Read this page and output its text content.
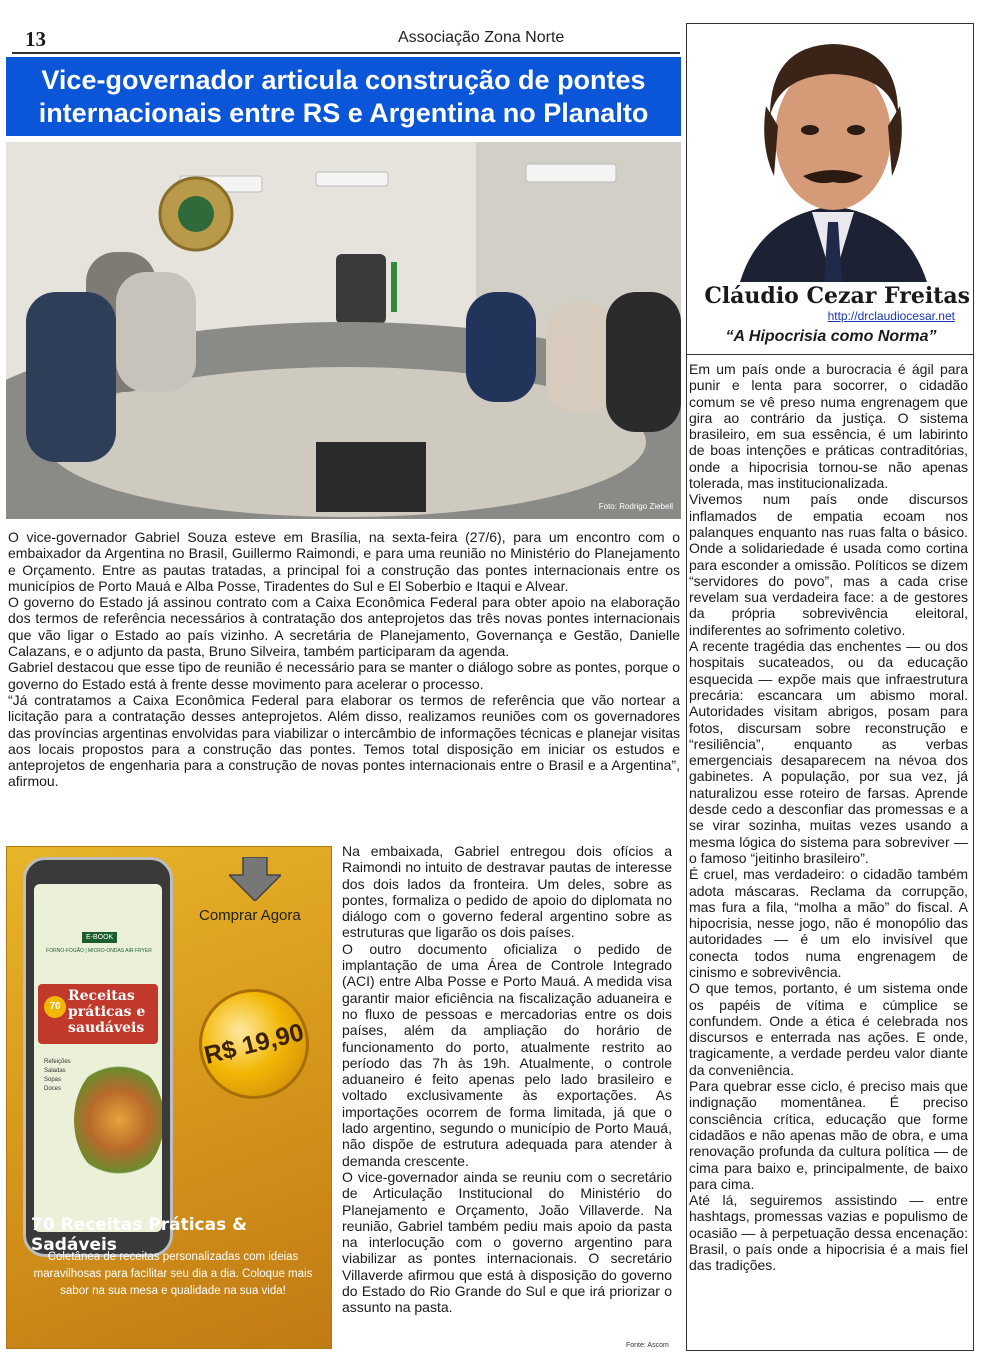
13	Associação Zona Norte
Vice-governador articula construção de pontes internacionais entre RS e Argentina no Planalto
Foto: Rodrigo Ziebell

O vice-governador Gabriel Souza esteve em Brasília, na sexta-feira (27/6), para um encontro com o embaixador da Argentina no Brasil, Guillermo Raimondi, e para uma reunião no Ministério do Planejamento e Orçamento. Entre as pautas tratadas, a principal foi a construção das pontes internacionais entre os municípios de Porto Mauá e Alba Posse, Tiradentes do Sul e El Soberbio e Itaqui e Alvear.

O governo do Estado já assinou contrato com a Caixa Econômica Federal para obter apoio na elaboração dos termos de referência necessários à contratação dos anteprojetos das três novas pontes internacionais que vão ligar o Estado ao país vizinho. A secretária de Planejamento, Governança e Gestão, Danielle Calazans, e o adjunto da pasta, Bruno Silveira, também participaram da agenda.

Gabriel destacou que esse tipo de reunião é necessário para se manter o diálogo sobre as pontes, porque o governo do Estado está à frente desse movimento para acelerar o processo.

“Já contratamos a Caixa Econômica Federal para elaborar os termos de referência que vão nortear a licitação para a contratação desses anteprojetos. Além disso, realizamos reuniões com os governadores das províncias argentinas envolvidas para viabilizar o intercâmbio de informações técnicas e planejar visitas aos locais propostos para a construção das pontes. Temos total disposição em iniciar os estudos e anteprojetos de engenharia para a construção de novas pontes internacionais entre o Brasil e a Argentina”, afirmou.

Comprar Agora
E-BOOK
FORNO-FOGÃO | MICRO-ONDAS AIR FRYER
70
Receitas práticas e saudáveis
Refeições
Saladas
Sopas
Doces
R$ 19,90
70 Receitas Práticas & Sadáveis
Coletânea de receitas personalizadas com ideias maravilhosas para facilitar seu dia a dia. Coloque mais sabor na sua mesa e qualidade na sua vida!

Na embaixada, Gabriel entregou dois ofícios a Raimondi no intuito de destravar pautas de interesse dos dois lados da fronteira. Um deles, sobre as pontes, formaliza o pedido de apoio do diplomata no diálogo com o governo federal argentino sobre as estruturas que ligarão os dois países.

O outro documento oficializa o pedido de implantação de uma Área de Controle Integrado (ACI) entre Alba Posse e Porto Mauá. A medida visa garantir maior eficiência na fiscalização aduaneira e no fluxo de pessoas e mercadorias entre os dois países, além da ampliação do horário de funcionamento do porto, atualmente restrito ao período das 7h às 19h. Atualmente, o controle aduaneiro é feito apenas pelo lado brasileiro e voltado exclusivamente às exportações. As importações ocorrem de forma limitada, já que o lado argentino, segundo o município de Porto Mauá, não dispõe de estrutura adequada para atender à demanda crescente.

O vice-governador ainda se reuniu com o secretário de Articulação Institucional do Ministério do Planejamento e Orçamento, João Villaverde. Na reunião, Gabriel também pediu mais apoio da pasta na interlocução com o governo argentino para viabilizar as pontes internacionais. O secretário Villaverde afirmou que está à disposição do governo do Estado do Rio Grande do Sul e que irá priorizar o assunto na pasta.

Fonte: Ascom
Cláudio Cezar Freitas
http://drclaudiocesar.net
“A Hipocrisia como Norma”

Em um país onde a burocracia é ágil para punir e lenta para socorrer, o cidadão comum se vê preso numa engrenagem que gira ao contrário da justiça. O sistema brasileiro, em sua essência, é um labirinto de boas intenções e práticas contraditórias, onde a hipocrisia tornou-se não apenas tolerada, mas institucionalizada.

Vivemos num país onde discursos inflamados de empatia ecoam nos palanques enquanto nas ruas falta o básico. Onde a solidariedade é usada como cortina para esconder a omissão. Políticos se dizem “servidores do povo”, mas a cada crise revelam sua verdadeira face: a de gestores da própria sobrevivência eleitoral, indiferentes ao sofrimento coletivo.

A recente tragédia das enchentes — ou dos hospitais sucateados, ou da educação esquecida — expõe mais que infraestrutura precária: escancara um abismo moral. Autoridades visitam abrigos, posam para fotos, discursam sobre reconstrução e “resiliência”, enquanto as verbas emergenciais desaparecem na névoa dos gabinetes. A população, por sua vez, já naturalizou esse roteiro de farsas. Aprende desde cedo a desconfiar das promessas e a se virar sozinha, muitas vezes usando a mesma lógica do sistema para sobreviver — o famoso “jeitinho brasileiro”.

É cruel, mas verdadeiro: o cidadão também adota máscaras. Reclama da corrupção, mas fura a fila, “molha a mão” do fiscal. A hipocrisia, nesse jogo, não é monopólio das autoridades — é um elo invisível que conecta todos numa engrenagem de cinismo e sobrevivência.

O que temos, portanto, é um sistema onde os papéis de vítima e cúmplice se confundem. Onde a ética é celebrada nos discursos e enterrada nas ações. E onde, tragicamente, a verdade perdeu valor diante da conveniência.

Para quebrar esse ciclo, é preciso mais que indignação momentânea. É preciso consciência crítica, educação que forme cidadãos e não apenas mão de obra, e uma renovação profunda da cultura política — de cima para baixo e, principalmente, de baixo para cima.

Até lá, seguiremos assistindo — entre hashtags, promessas vazias e populismo de ocasião — à perpetuação dessa encenação: Brasil, o país onde a hipocrisia é a mais fiel das tradições.
